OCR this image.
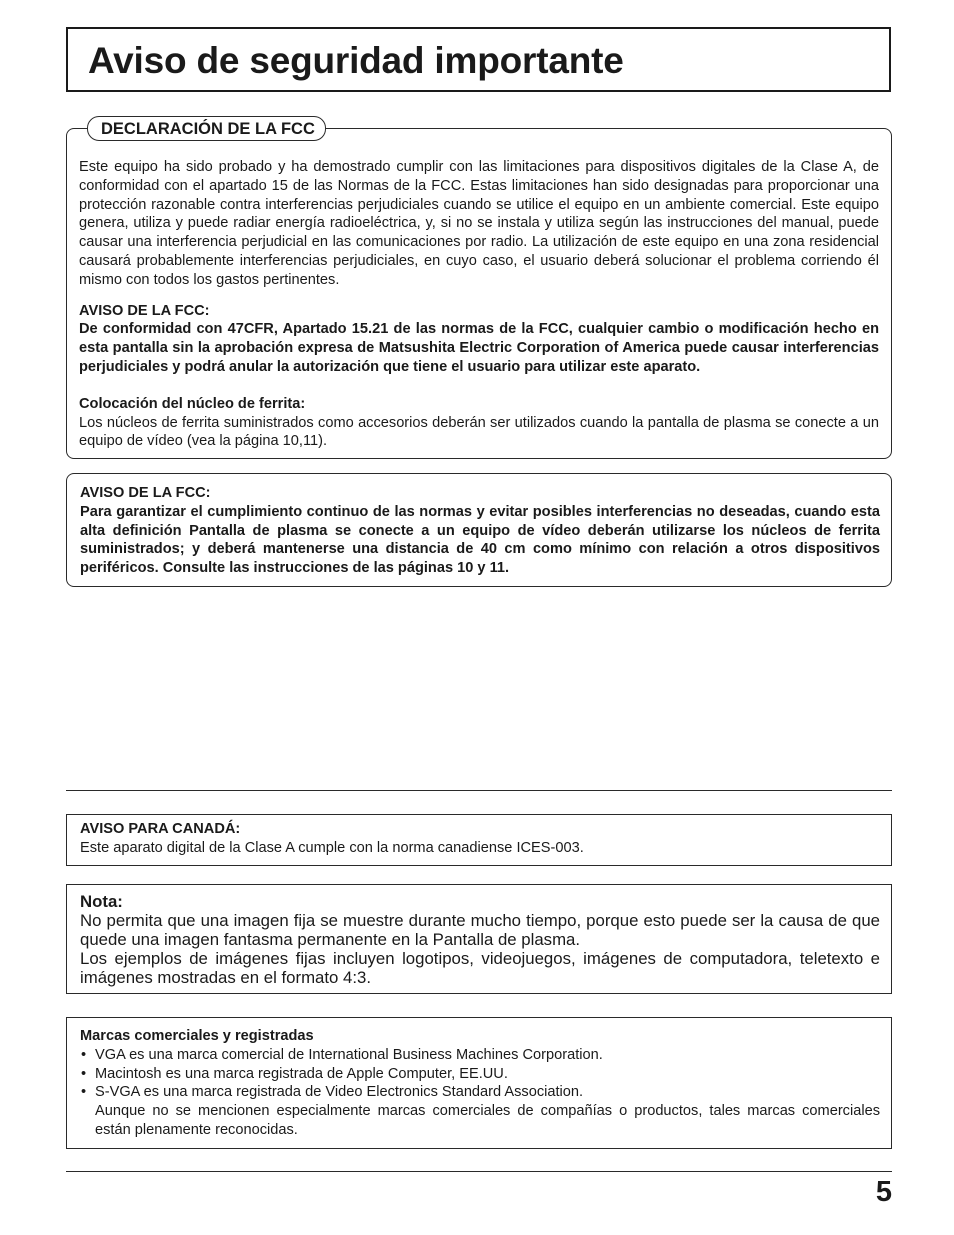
Aviso de seguridad importante
DECLARACIÓN DE LA FCC

Este equipo ha sido probado y ha demostrado cumplir con las limitaciones para dispositivos digitales de la Clase A, de conformidad con el apartado 15 de las Normas de la FCC. Estas limitaciones han sido designadas para proporcionar una protección razonable contra interferencias perjudiciales cuando se utilice el equipo en un ambiente comercial. Este equipo genera, utiliza y puede radiar energía radioeléctrica, y, si no se instala y utiliza según las instrucciones del manual, puede causar una interferencia perjudicial en las comunicaciones por radio. La utilización de este equipo en una zona residencial causará probablemente interferencias perjudiciales, en cuyo caso, el usuario deberá solucionar el problema corriendo él mismo con todos los gastos pertinentes.

AVISO DE LA FCC:

De conformidad con 47CFR, Apartado 15.21 de las normas de la FCC, cualquier cambio o modificación hecho en esta pantalla sin la aprobación expresa de Matsushita Electric Corporation of America puede causar interferencias perjudiciales y podrá anular la autorización que tiene el usuario para utilizar este aparato.

Colocación del núcleo de ferrita:

Los núcleos de ferrita suministrados como accesorios deberán ser utilizados cuando la pantalla de plasma se conecte a un equipo de vídeo (vea la página 10,11).

AVISO DE LA FCC:

Para garantizar el cumplimiento continuo de las normas y evitar posibles interferencias no deseadas, cuando esta alta definición Pantalla de plasma se conecte a un equipo de vídeo deberán utilizarse los núcleos de ferrita suministrados; y deberá mantenerse una distancia de 40 cm como mínimo con relación a otros dispositivos periféricos. Consulte las instrucciones de las páginas 10 y 11.

AVISO PARA CANADÁ:

Este aparato digital de la Clase A cumple con la norma canadiense ICES-003.

Nota:

No permita que una imagen fija se muestre durante mucho tiempo, porque esto puede ser la causa de que quede una imagen fantasma permanente en la Pantalla de plasma.

Los ejemplos de imágenes fijas incluyen logotipos, videojuegos, imágenes de computadora, teletexto e imágenes mostradas en el formato 4:3.

Marcas comerciales y registradas

• VGA es una marca comercial de International Business Machines Corporation.

• Macintosh es una marca registrada de Apple Computer, EE.UU.

• S-VGA es una marca registrada de Video Electronics Standard Association.

Aunque no se mencionen especialmente marcas comerciales de compañías o productos, tales marcas comerciales están plenamente reconocidas.

5
